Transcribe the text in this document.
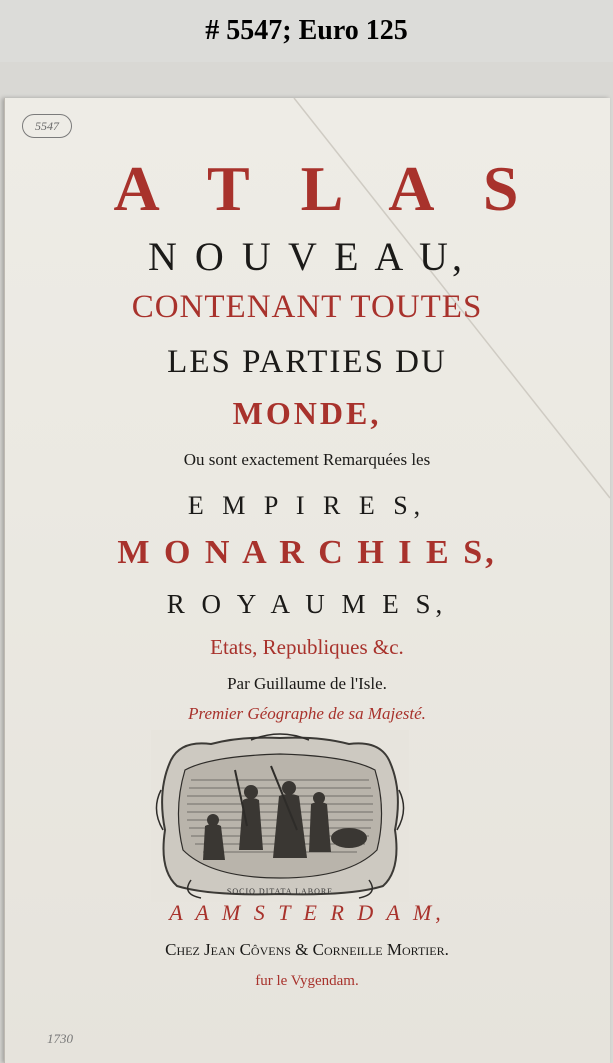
# 5547; Euro 125
5547
A T L A S
N O U V E A U,
CONTENANT TOUTES
LES PARTIES DU
MONDE,
Ou sont exactement Remarquées les
E M P I R E S,
M O N A R C H I E S,
R O Y A U M E S,
Etats, Republiques &c.
Par Guillaume de l'Isle.
Premier Géographe de sa Majesté.
SOCIO DITATA LABORE
A A M S T E R D A M,
Chez Jean Côvens & Corneille Mortier.
fur le Vygendam.
1730
